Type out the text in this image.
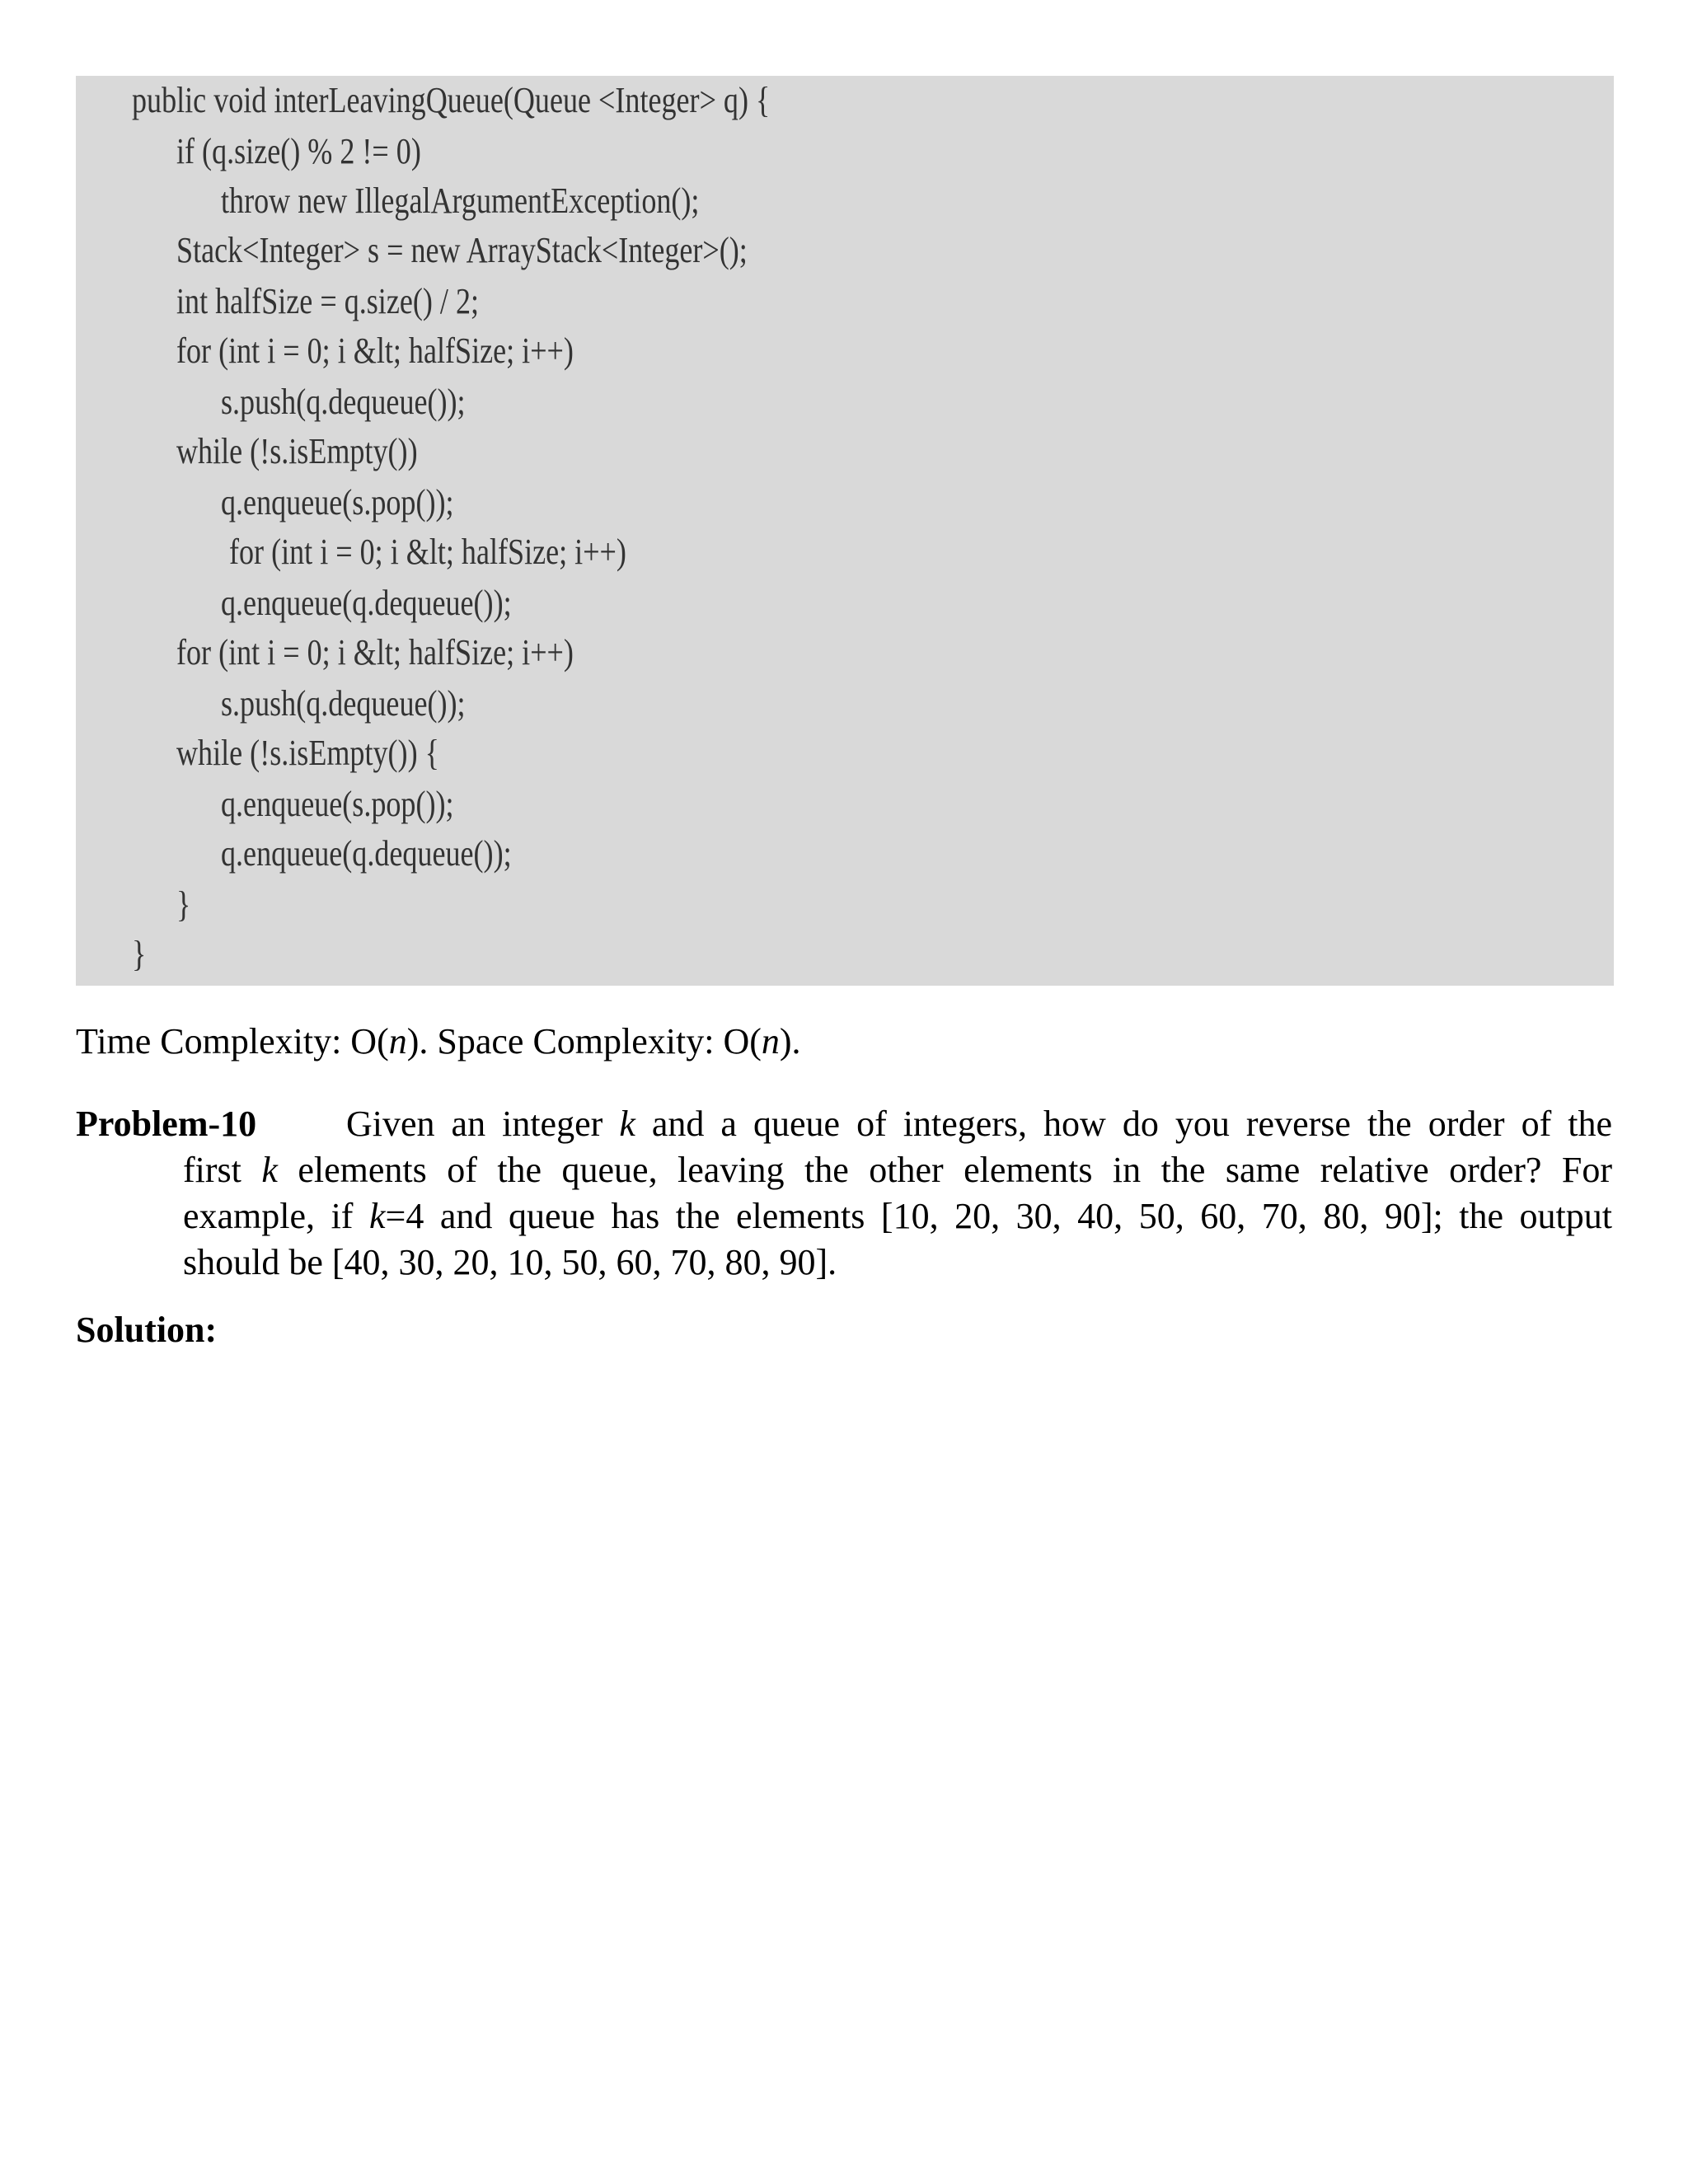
public void interLeavingQueue(Queue <Integer> q) {
if (q.size() % 2 != 0)
throw new IllegalArgumentException();
Stack<Integer> s = new ArrayStack<Integer>();
int halfSize = q.size() / 2;
for (int i = 0; i &lt; halfSize; i++)
s.push(q.dequeue());
while (!s.isEmpty())
q.enqueue(s.pop());
for (int i = 0; i &lt; halfSize; i++)
q.enqueue(q.dequeue());
for (int i = 0; i &lt; halfSize; i++)
s.push(q.dequeue());
while (!s.isEmpty()) {
q.enqueue(s.pop());
q.enqueue(q.dequeue());
}
}
Time Complexity: O(n). Space Complexity: O(n).
Problem-10 Given an integer k and a queue of integers, how do you reverse the order of the
first k elements of the queue, leaving the other elements in the same relative order? For
example, if k=4 and queue has the elements [10, 20, 30, 40, 50, 60, 70, 80, 90]; the output
should be [40, 30, 20, 10, 50, 60, 70, 80, 90].
Solution:
